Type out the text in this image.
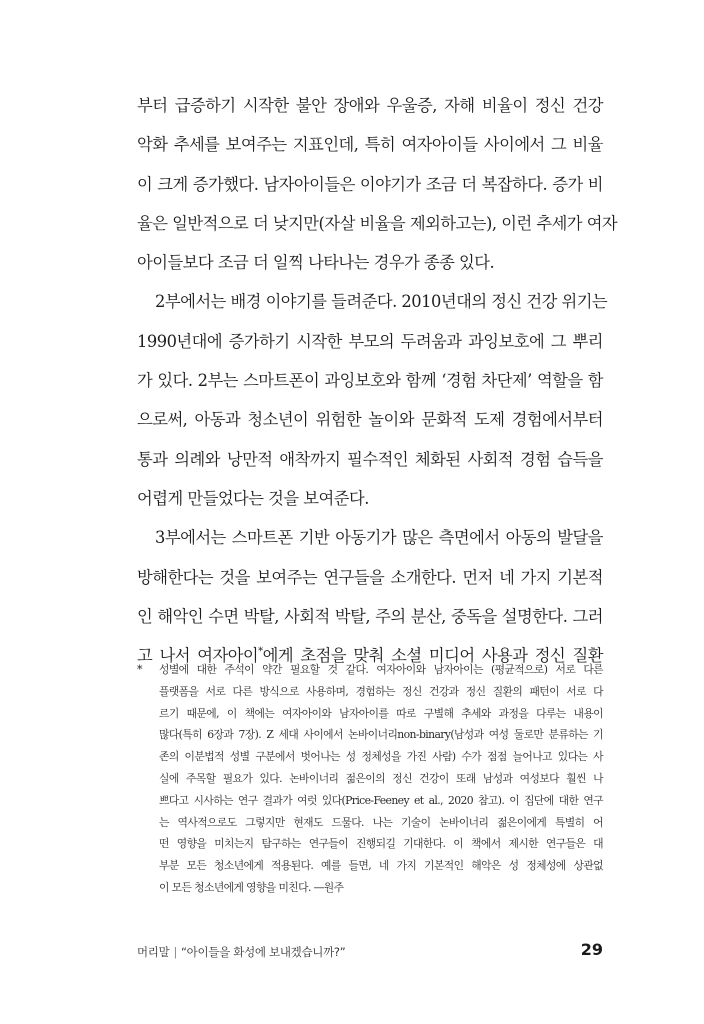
부터 급증하기 시작한 불안 장애와 우울증, 자해 비율이 정신 건강
악화 추세를 보여주는 지표인데, 특히 여자아이들 사이에서 그 비율
이 크게 증가했다. 남자아이들은 이야기가 조금 더 복잡하다. 증가 비
율은 일반적으로 더 낮지만(자살 비율을 제외하고는), 이런 추세가 여자
아이들보다 조금 더 일찍 나타나는 경우가 종종 있다.
2부에서는 배경 이야기를 들려준다. 2010년대의 정신 건강 위기는
1990년대에 증가하기 시작한 부모의 두려움과 과잉보호에 그 뿌리
가 있다. 2부는 스마트폰이 과잉보호와 함께 ‘경험 차단제’ 역할을 함
으로써, 아동과 청소년이 위험한 놀이와 문화적 도제 경험에서부터
통과 의례와 낭만적 애착까지 필수적인 체화된 사회적 경험 습득을
어렵게 만들었다는 것을 보여준다.
3부에서는 스마트폰 기반 아동기가 많은 측면에서 아동의 발달을
방해한다는 것을 보여주는 연구들을 소개한다. 먼저 네 가지 기본적
인 해악인 수면 박탈, 사회적 박탈, 주의 분산, 중독을 설명한다. 그러
고 나서 여자아이*에게 초점을 맞춰 소셜 미디어 사용과 정신 질환
* 성별에 대한 주석이 약간 필요할 것 같다. 여자아이와 남자아이는 (평균적으로) 서로 다른
플랫폼을 서로 다른 방식으로 사용하며, 경험하는 정신 건강과 정신 질환의 패턴이 서로 다
르기 때문에, 이 책에는 여자아이와 남자아이를 따로 구별해 추세와 과정을 다루는 내용이
많다(특히 6장과 7장). Z 세대 사이에서 논바이너리non-binary(남성과 여성 둘로만 분류하는 기
존의 이분법적 성별 구분에서 벗어나는 성 정체성을 가진 사람) 수가 점점 늘어나고 있다는 사
실에 주목할 필요가 있다. 논바이너리 젊은이의 정신 건강이 또래 남성과 여성보다 훨씬 나
쁘다고 시사하는 연구 결과가 여럿 있다(Price-Feeney et al., 2020 참고). 이 집단에 대한 연구
는 역사적으로도 그렇지만 현재도 드물다. 나는 기술이 논바이너리 젊은이에게 특별히 어
떤 영향을 미치는지 탐구하는 연구들이 진행되길 기대한다. 이 책에서 제시한 연구들은 대
부분 모든 청소년에게 적용된다. 예를 들면, 네 가지 기본적인 해악은 성 정체성에 상관없
이 모든 청소년에게 영향을 미친다. —원주
머리말 | “아이들을 화성에 보내겠습니까?”	29
